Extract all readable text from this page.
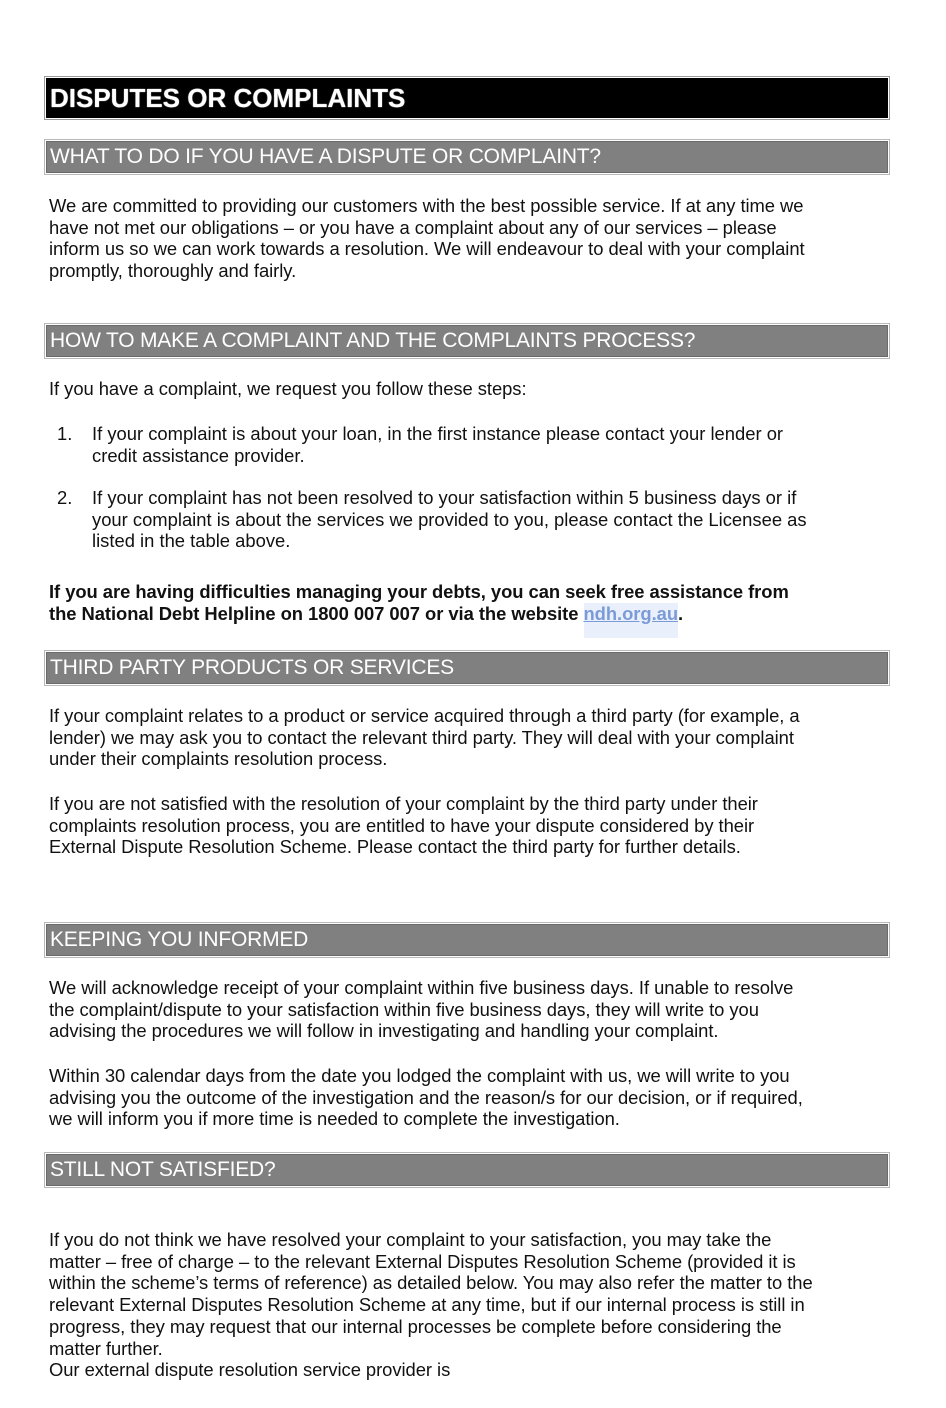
DISPUTES OR COMPLAINTS
WHAT TO DO IF YOU HAVE A DISPUTE OR COMPLAINT?
We are committed to providing our customers with the best possible service. If at any time we
have not met our obligations – or you have a complaint about any of our services – please
inform us so we can work towards a resolution. We will endeavour to deal with your complaint
promptly, thoroughly and fairly.
HOW TO MAKE A COMPLAINT AND THE COMPLAINTS PROCESS?
If you have a complaint, we request you follow these steps:
1. If your complaint is about your loan, in the first instance please contact your lender or
credit assistance provider.
2. If your complaint has not been resolved to your satisfaction within 5 business days or if
your complaint is about the services we provided to you, please contact the Licensee as
listed in the table above.
If you are having difficulties managing your debts, you can seek free assistance from
the National Debt Helpline on 1800 007 007 or via the website ndh.org.au.
THIRD PARTY PRODUCTS OR SERVICES
If your complaint relates to a product or service acquired through a third party (for example, a
lender) we may ask you to contact the relevant third party. They will deal with your complaint
under their complaints resolution process.
If you are not satisfied with the resolution of your complaint by the third party under their
complaints resolution process, you are entitled to have your dispute considered by their
External Dispute Resolution Scheme. Please contact the third party for further details.
KEEPING YOU INFORMED
We will acknowledge receipt of your complaint within five business days. If unable to resolve
the complaint/dispute to your satisfaction within five business days, they will write to you
advising the procedures we will follow in investigating and handling your complaint.
Within 30 calendar days from the date you lodged the complaint with us, we will write to you
advising you the outcome of the investigation and the reason/s for our decision, or if required,
we will inform you if more time is needed to complete the investigation.
STILL NOT SATISFIED?
If you do not think we have resolved your complaint to your satisfaction, you may take the
matter – free of charge – to the relevant External Disputes Resolution Scheme (provided it is
within the scheme’s terms of reference) as detailed below. You may also refer the matter to the
relevant External Disputes Resolution Scheme at any time, but if our internal process is still in
progress, they may request that our internal processes be complete before considering the
matter further.
Our external dispute resolution service provider is
